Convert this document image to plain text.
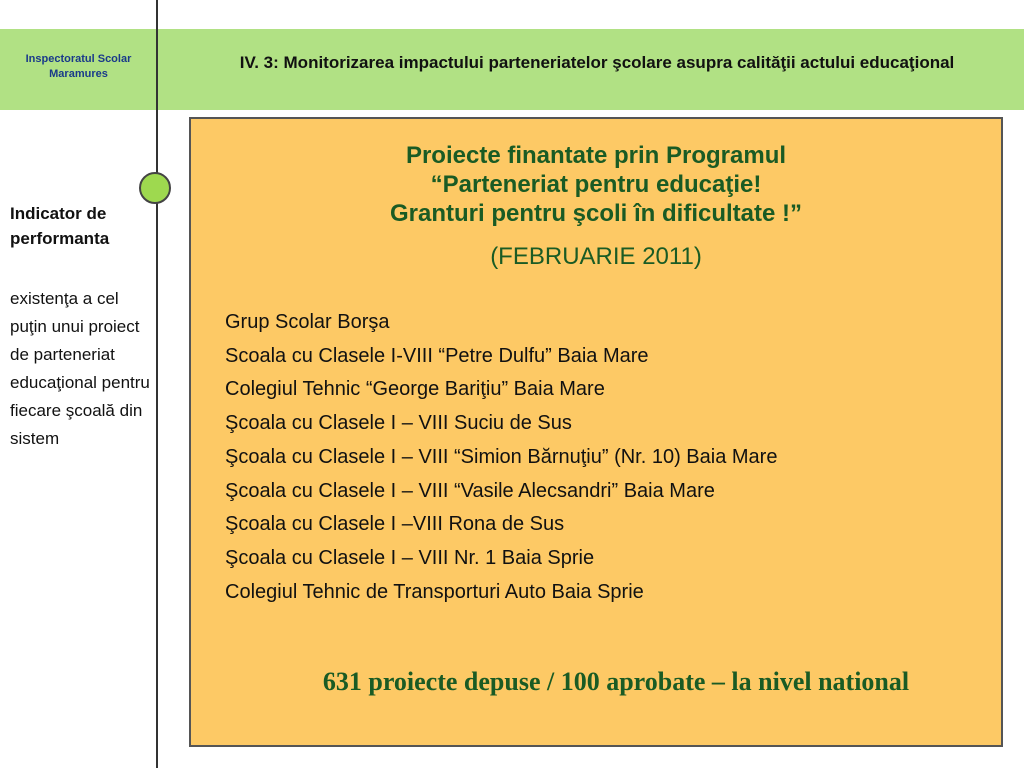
Inspectoratul Scolar Maramures
IV. 3: Monitorizarea impactului parteneriatelor şcolare asupra calităţii actului educaţional
Indicator de performanta
existenţa a cel puţin unui proiect de parteneriat educaţional pentru fiecare şcoală din sistem
Proiecte finantate prin Programul
“Parteneriat pentru educaţie!
Granturi pentru şcoli în dificultate !”
(FEBRUARIE 2011)
Grup Scolar Borşa
Scoala cu Clasele I-VIII “Petre Dulfu” Baia Mare
Colegiul Tehnic “George Bariţiu” Baia Mare
Şcoala cu Clasele I – VIII Suciu de Sus
Şcoala cu Clasele I – VIII “Simion Bărnuţiu” (Nr. 10) Baia Mare
Şcoala cu Clasele I – VIII “Vasile Alecsandri” Baia Mare
Şcoala cu Clasele I –VIII Rona de Sus
Şcoala cu Clasele I – VIII Nr. 1 Baia Sprie
Colegiul Tehnic de Transporturi Auto Baia Sprie
631 proiecte depuse / 100 aprobate – la nivel national
